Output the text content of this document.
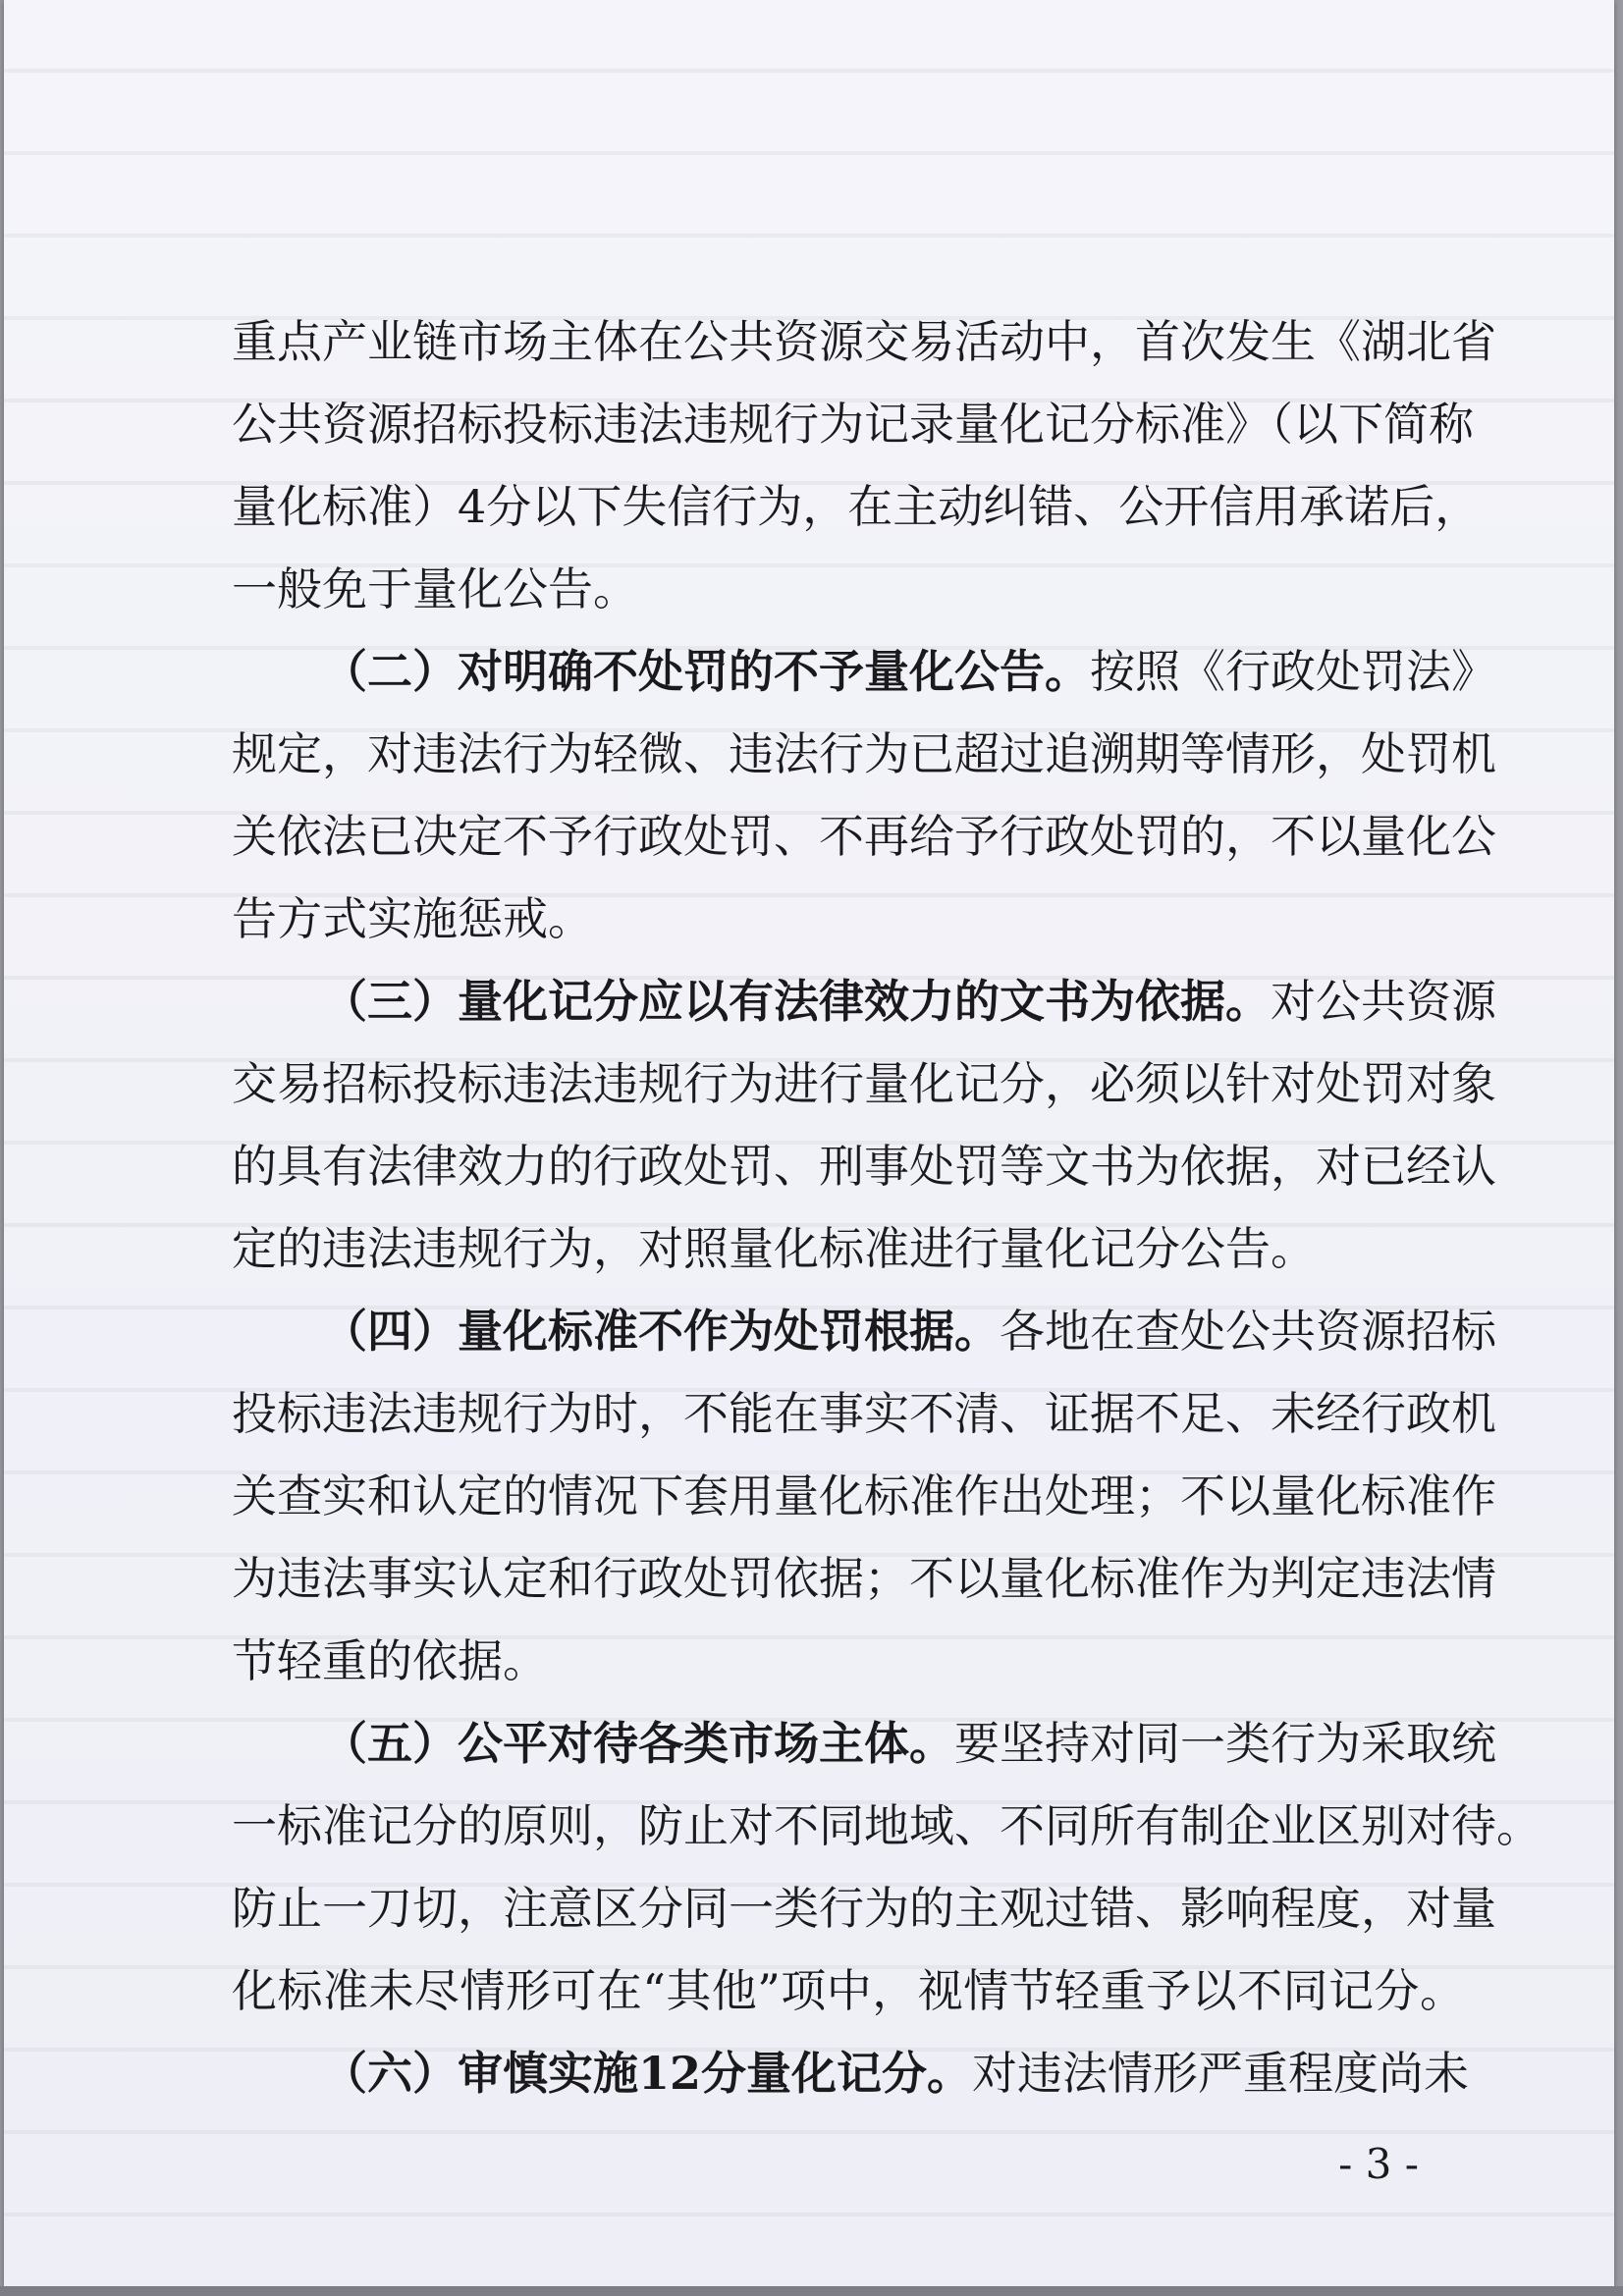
重点产业链市场主体在公共资源交易活动中，首次发生《湖北省
公共资源招标投标违法违规行为记录量化记分标准》（以下简称
量化标准）4分以下失信行为，在主动纠错、公开信用承诺后，
一般免于量化公告。
（二）对明确不处罚的不予量化公告。按照《行政处罚法》
规定，对违法行为轻微、违法行为已超过追溯期等情形，处罚机
关依法已决定不予行政处罚、不再给予行政处罚的，不以量化公
告方式实施惩戒。
（三）量化记分应以有法律效力的文书为依据。对公共资源
交易招标投标违法违规行为进行量化记分，必须以针对处罚对象
的具有法律效力的行政处罚、刑事处罚等文书为依据，对已经认
定的违法违规行为，对照量化标准进行量化记分公告。
（四）量化标准不作为处罚根据。各地在查处公共资源招标
投标违法违规行为时，不能在事实不清、证据不足、未经行政机
关查实和认定的情况下套用量化标准作出处理；不以量化标准作
为违法事实认定和行政处罚依据；不以量化标准作为判定违法情
节轻重的依据。
（五）公平对待各类市场主体。要坚持对同一类行为采取统
一标准记分的原则，防止对不同地域、不同所有制企业区别对待。
防止一刀切，注意区分同一类行为的主观过错、影响程度，对量
化标准未尽情形可在“其他”项中，视情节轻重予以不同记分。
（六）审慎实施12分量化记分。对违法情形严重程度尚未
- 3 -
